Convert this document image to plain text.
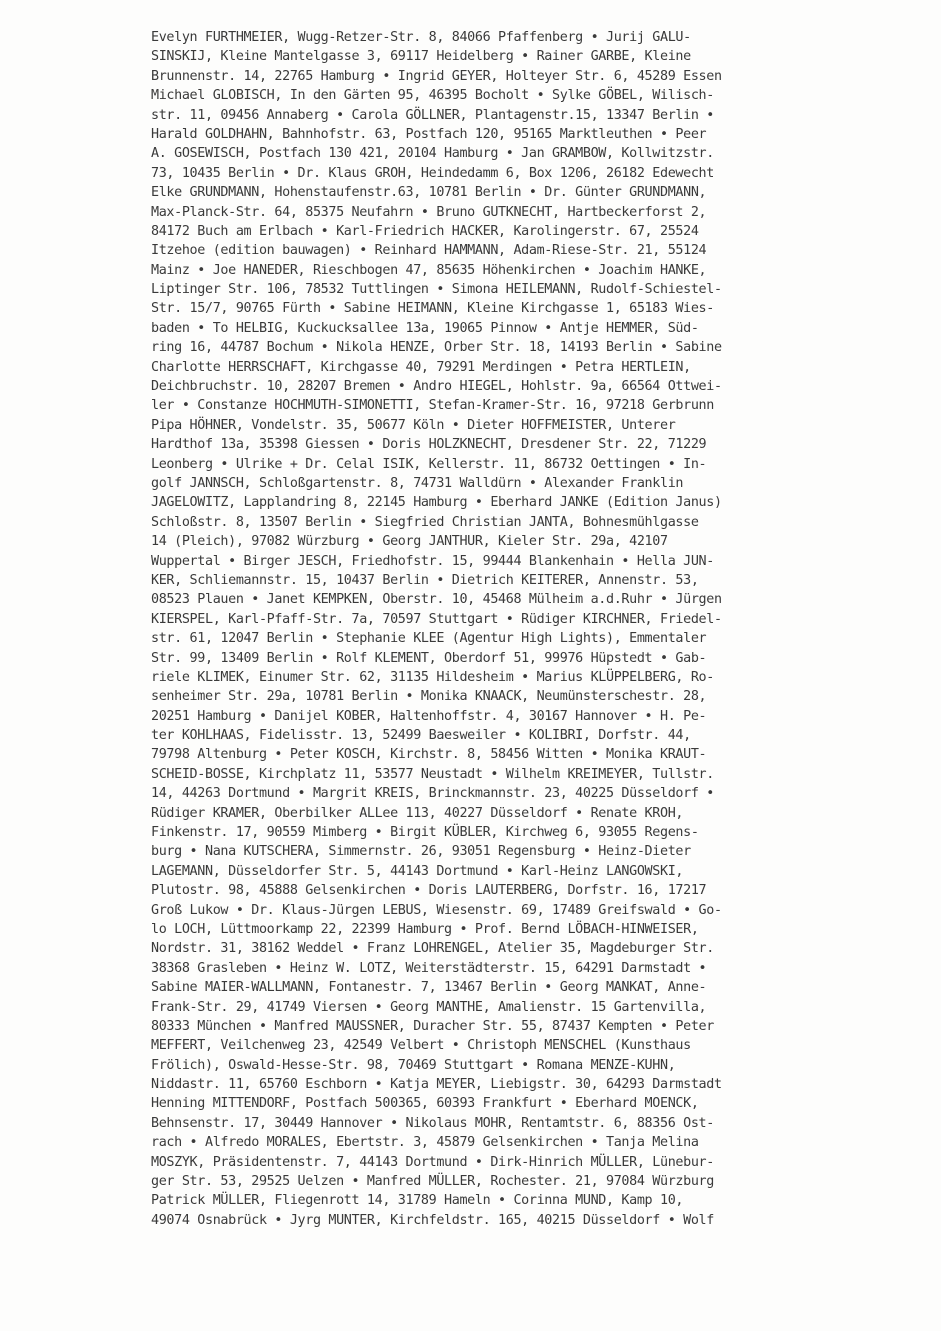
Evelyn FURTHMEIER, Wugg-Retzer-Str. 8, 84066 Pfaffenberg • Jurij GALU-
SINSKIJ, Kleine Mantelgasse 3, 69117 Heidelberg • Rainer GARBE, Kleine
Brunnenstr. 14, 22765 Hamburg • Ingrid GEYER, Holteyer Str. 6, 45289 Essen
Michael GLOBISCH, In den Gärten 95, 46395 Bocholt • Sylke GÖBEL, Wilisch-
str. 11, 09456 Annaberg • Carola GÖLLNER, Plantagenstr.15, 13347 Berlin •
Harald GOLDHAHN, Bahnhofstr. 63, Postfach 120, 95165 Marktleuthen • Peer
A. GOSEWISCH, Postfach 130 421, 20104 Hamburg • Jan GRAMBOW, Kollwitzstr.
73, 10435 Berlin • Dr. Klaus GROH, Heindedamm 6, Box 1206, 26182 Edewecht
Elke GRUNDMANN, Hohenstaufenstr.63, 10781 Berlin • Dr. Günter GRUNDMANN,
Max-Planck-Str. 64, 85375 Neufahrn • Bruno GUTKNECHT, Hartbeckerforst 2,
84172 Buch am Erlbach • Karl-Friedrich HACKER, Karolingerstr. 67, 25524
Itzehoe (edition bauwagen) • Reinhard HAMMANN, Adam-Riese-Str. 21, 55124
Mainz • Joe HANEDER, Rieschbogen 47, 85635 Höhenkirchen • Joachim HANKE,
Liptinger Str. 106, 78532 Tuttlingen • Simona HEILEMANN, Rudolf-Schiestel-
Str. 15/7, 90765 Fürth • Sabine HEIMANN, Kleine Kirchgasse 1, 65183 Wies-
baden • To HELBIG, Kuckucksallee 13a, 19065 Pinnow • Antje HEMMER, Süd-
ring 16, 44787 Bochum • Nikola HENZE, Orber Str. 18, 14193 Berlin • Sabine
Charlotte HERRSCHAFT, Kirchgasse 40, 79291 Merdingen • Petra HERTLEIN,
Deichbruchstr. 10, 28207 Bremen • Andro HIEGEL, Hohlstr. 9a, 66564 Ottwei-
ler • Constanze HOCHMUTH-SIMONETTI, Stefan-Kramer-Str. 16, 97218 Gerbrunn
Pipa HÖHNER, Vondelstr. 35, 50677 Köln • Dieter HOFFMEISTER, Unterer
Hardthof 13a, 35398 Giessen • Doris HOLZKNECHT, Dresdener Str. 22, 71229
Leonberg • Ulrike + Dr. Celal ISIK, Kellerstr. 11, 86732 Oettingen • In-
golf JANNSCH, Schloßgartenstr. 8, 74731 Walldürn • Alexander Franklin
JAGELOWITZ, Lapplandring 8, 22145 Hamburg • Eberhard JANKE (Edition Janus)
Schloßstr. 8, 13507 Berlin • Siegfried Christian JANTA, Bohnesmühlgasse
14 (Pleich), 97082 Würzburg • Georg JANTHUR, Kieler Str. 29a, 42107
Wuppertal • Birger JESCH, Friedhofstr. 15, 99444 Blankenhain • Hella JUN-
KER, Schliemannstr. 15, 10437 Berlin • Dietrich KEITERER, Annenstr. 53,
08523 Plauen • Janet KEMPKEN, Oberstr. 10, 45468 Mülheim a.d.Ruhr • Jürgen
KIERSPEL, Karl-Pfaff-Str. 7a, 70597 Stuttgart • Rüdiger KIRCHNER, Friedel-
str. 61, 12047 Berlin • Stephanie KLEE (Agentur High Lights), Emmentaler
Str. 99, 13409 Berlin • Rolf KLEMENT, Oberdorf 51, 99976 Hüpstedt • Gab-
riele KLIMEK, Einumer Str. 62, 31135 Hildesheim • Marius KLÜPPELBERG, Ro-
senheimer Str. 29a, 10781 Berlin • Monika KNAACK, Neumünsterschestr. 28,
20251 Hamburg • Danijel KOBER, Haltenhoffstr. 4, 30167 Hannover • H. Pe-
ter KOHLHAAS, Fidelisstr. 13, 52499 Baesweiler • KOLIBRI, Dorfstr. 44,
79798 Altenburg • Peter KOSCH, Kirchstr. 8, 58456 Witten • Monika KRAUT-
SCHEID-BOSSE, Kirchplatz 11, 53577 Neustadt • Wilhelm KREIMEYER, Tullstr.
14, 44263 Dortmund • Margrit KREIS, Brinckmannstr. 23, 40225 Düsseldorf •
Rüdiger KRAMER, Oberbilker ALLee 113, 40227 Düsseldorf • Renate KROH,
Finkenstr. 17, 90559 Mimberg • Birgit KÜBLER, Kirchweg 6, 93055 Regens-
burg • Nana KUTSCHERA, Simmernstr. 26, 93051 Regensburg • Heinz-Dieter
LAGEMANN, Düsseldorfer Str. 5, 44143 Dortmund • Karl-Heinz LANGOWSKI,
Plutostr. 98, 45888 Gelsenkirchen • Doris LAUTERBERG, Dorfstr. 16, 17217
Groß Lukow • Dr. Klaus-Jürgen LEBUS, Wiesenstr. 69, 17489 Greifswald • Go-
lo LOCH, Lüttmoorkamp 22, 22399 Hamburg • Prof. Bernd LÖBACH-HINWEISER,
Nordstr. 31, 38162 Weddel • Franz LOHRENGEL, Atelier 35, Magdeburger Str.
38368 Grasleben • Heinz W. LOTZ, Weiterstädterstr. 15, 64291 Darmstadt •
Sabine MAIER-WALLMANN, Fontanestr. 7, 13467 Berlin • Georg MANKAT, Anne-
Frank-Str. 29, 41749 Viersen • Georg MANTHE, Amalienstr. 15 Gartenvilla,
80333 München • Manfred MAUSSNER, Duracher Str. 55, 87437 Kempten • Peter
MEFFERT, Veilchenweg 23, 42549 Velbert • Christoph MENSCHEL (Kunsthaus
Frölich), Oswald-Hesse-Str. 98, 70469 Stuttgart • Romana MENZE-KUHN,
Niddastr. 11, 65760 Eschborn • Katja MEYER, Liebigstr. 30, 64293 Darmstadt
Henning MITTENDORF, Postfach 500365, 60393 Frankfurt • Eberhard MOENCK,
Behnsenstr. 17, 30449 Hannover • Nikolaus MOHR, Rentamtstr. 6, 88356 Ost-
rach • Alfredo MORALES, Ebertstr. 3, 45879 Gelsenkirchen • Tanja Melina
MOSZYK, Präsidentenstr. 7, 44143 Dortmund • Dirk-Hinrich MÜLLER, Lünebur-
ger Str. 53, 29525 Uelzen • Manfred MÜLLER, Rochester. 21, 97084 Würzburg
Patrick MÜLLER, Fliegenrott 14, 31789 Hameln • Corinna MUND, Kamp 10,
49074 Osnabrück • Jyrg MUNTER, Kirchfeldstr. 165, 40215 Düsseldorf • Wolf
